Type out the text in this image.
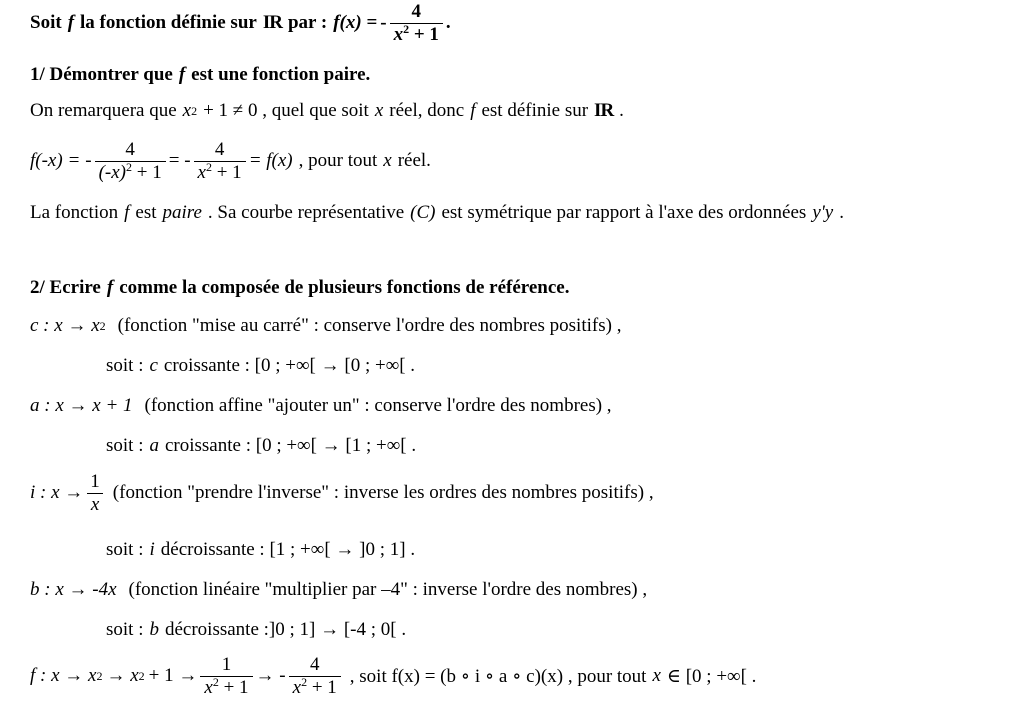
Soit f la fonction définie sur IR par : f(x) = - $\frac{4}{x^2 + 1}$ .
1/ Démontrer que f est une fonction paire.
On remarquera que x 2 + 1 ≠ 0 , quel que soit x réel, donc f est définie sur IR .
f(-x) = - $\frac{4}{(-x)^2 + 1}$ = - $\frac{4}{x^2 + 1} = f(x)$ , pour tout x réel.
La fonction f est paire . Sa courbe représentative (C) est symétrique par rapport à l'axe des ordonnées y'y .
2/ Ecrire f comme la composée de plusieurs fonctions de référence.
c : x → x 2 (fonction "mise au carré" : conserve l'ordre des nombres positifs) ,
soit : c croissante : [0 ; +∞[ → [0 ; +∞[ .
a : x → x + 1 (fonction affine "ajouter un" : conserve l'ordre des nombres) ,
soit : a croissante : [0 ; +∞[ → [1 ; +∞[ .
i : $x \to \frac{1}{x}$ (fonction "prendre l'inverse" : inverse les ordres des nombres positifs) ,
soit : i décroissante : [1 ; +∞[ → ]0 ; 1] .
b : x → -4x (fonction linéaire "multiplier par –4" : inverse l'ordre des nombres) ,
soit : b décroissante :]0 ; 1] → [-4 ; 0[ .
f : x → x 2 → x $2 + 1 \to \frac{1}{x^2 + 1}$ → - $\frac{4}{x^2 + 1}$ , soit f(x) = (b ∘ i ∘ a ∘ c)(x) , pour tout x ∈ [0 ; +∞[ .
